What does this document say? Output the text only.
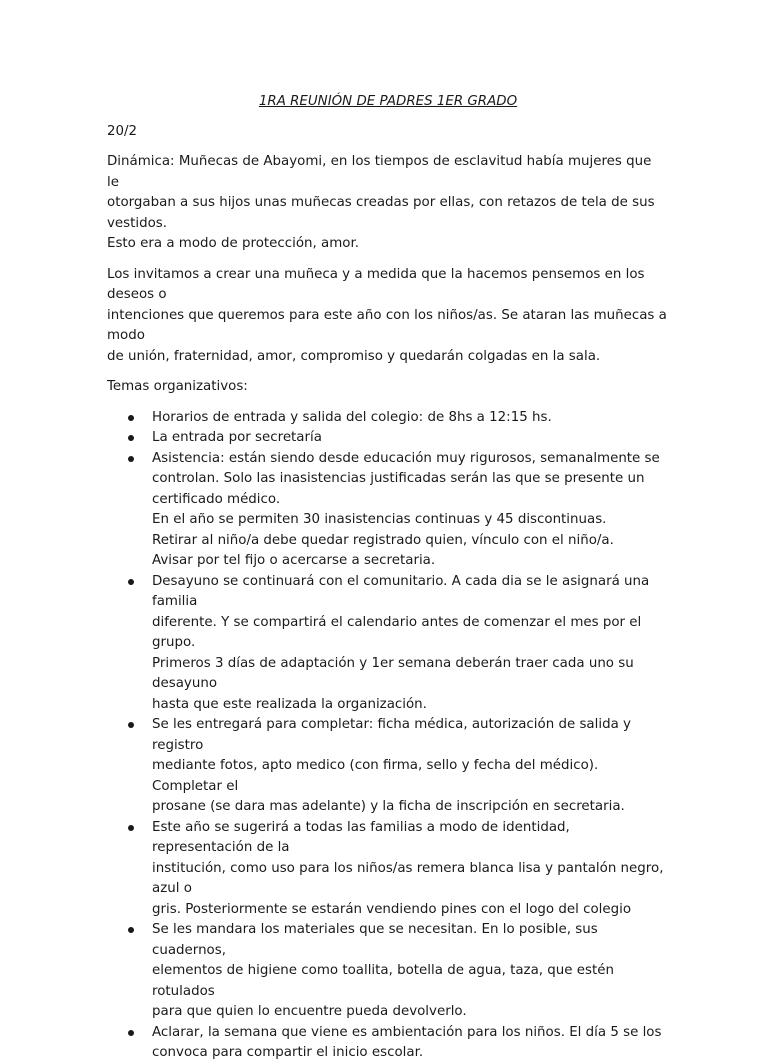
1RA REUNIÓN DE PADRES 1ER GRADO

20/2

Dinámica: Muñecas de Abayomi, en los tiempos de esclavitud había mujeres que le
otorgaban a sus hijos unas muñecas creadas por ellas, con retazos de tela de sus vestidos.
Esto era a modo de protección, amor.

Los invitamos a crear una muñeca y a medida que la hacemos pensemos en los deseos o
intenciones que queremos para este año con los niños/as. Se ataran las muñecas a modo
de unión, fraternidad, amor, compromiso y quedarán colgadas en la sala.

Temas organizativos:

Horarios de entrada y salida del colegio: de 8hs a 12:15 hs.
La entrada por secretaría
Asistencia: están siendo desde educación muy rigurosos, semanalmente se
controlan. Solo las inasistencias justificadas serán las que se presente un
certificado médico.
En el año se permiten 30 inasistencias continuas y 45 discontinuas.
Retirar al niño/a debe quedar registrado quien, vínculo con el niño/a.
Avisar por tel fijo o acercarse a secretaria.
Desayuno se continuará con el comunitario. A cada dia se le asignará una familia
diferente. Y se compartirá el calendario antes de comenzar el mes por el grupo.
Primeros 3 días de adaptación y 1er semana deberán traer cada uno su desayuno
hasta que este realizada la organización.
Se les entregará para completar: ficha médica, autorización de salida y registro
mediante fotos, apto medico (con firma, sello y fecha del médico). Completar el
prosane (se dara mas adelante) y la ficha de inscripción en secretaria.
Este año se sugerirá a todas las familias a modo de identidad, representación de la
institución, como uso para los niños/as remera blanca lisa y pantalón negro, azul o
gris. Posteriormente se estarán vendiendo pines con el logo del colegio
Se les mandara los materiales que se necesitan. En lo posible, sus cuadernos,
elementos de higiene como toallita, botella de agua, taza, que estén rotulados
para que quien lo encuentre pueda devolverlo.
Aclarar, la semana que viene es ambientación para los niños. El día 5 se los
convoca para compartir el inicio escolar.
